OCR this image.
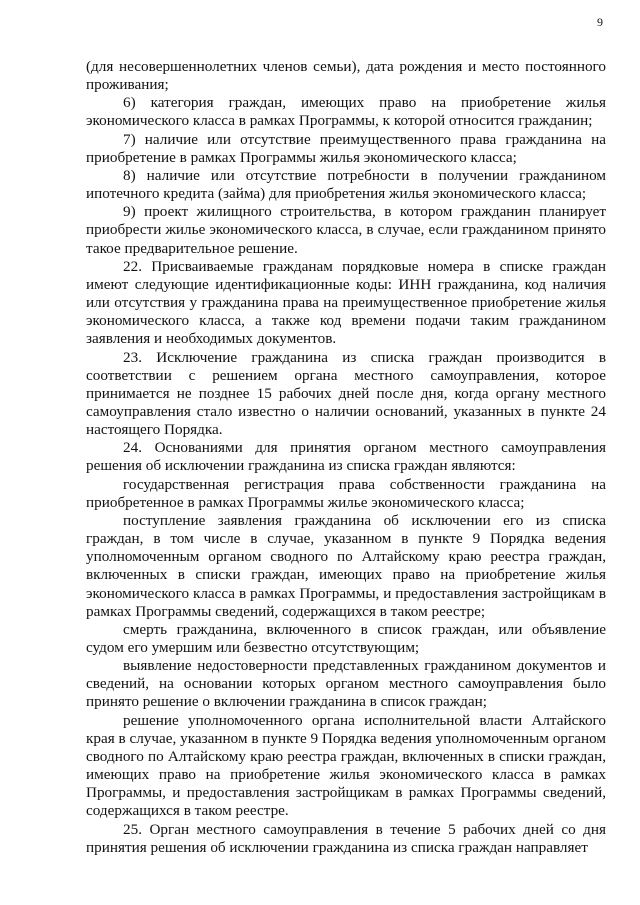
9

(для несовершеннолетних членов семьи), дата рождения и место постоянного проживания;

6) категория граждан, имеющих право на приобретение жилья экономического класса в рамках Программы, к которой относится гражданин;

7) наличие или отсутствие преимущественного права гражданина на приобретение в рамках Программы жилья экономического класса;

8) наличие или отсутствие потребности в получении гражданином ипотечного кредита (займа) для приобретения жилья экономического класса;

9) проект жилищного строительства, в котором гражданин планирует приобрести жилье экономического класса, в случае, если гражданином принято такое предварительное решение.

22. Присваиваемые гражданам порядковые номера в списке граждан имеют следующие идентификационные коды: ИНН гражданина, код наличия или отсутствия у гражданина права на преимущественное приобретение жилья экономического класса, а также код времени подачи таким гражданином заявления и необходимых документов.

23. Исключение гражданина из списка граждан производится в соответствии с решением органа местного самоуправления, которое принимается не позднее 15 рабочих дней после дня, когда органу местного самоуправления стало известно о наличии оснований, указанных в пункте 24 настоящего Порядка.

24. Основаниями для принятия органом местного самоуправления решения об исключении гражданина из списка граждан являются:

государственная регистрация права собственности гражданина на приобретенное в рамках Программы жилье экономического класса;

поступление заявления гражданина об исключении его из списка граждан, в том числе в случае, указанном в пункте 9 Порядка ведения уполномоченным органом сводного по Алтайскому краю реестра граждан, включенных в списки граждан, имеющих право на приобретение жилья экономического класса в рамках Программы, и предоставления застройщикам в рамках Программы сведений, содержащихся в таком реестре;

смерть гражданина, включенного в список граждан, или объявление судом его умершим или безвестно отсутствующим;

выявление недостоверности представленных гражданином документов и сведений, на основании которых органом местного самоуправления было принято решение о включении гражданина в список граждан;

решение уполномоченного органа исполнительной власти Алтайского края в случае, указанном в пункте 9 Порядка ведения уполномоченным органом сводного по Алтайскому краю реестра граждан, включенных в списки граждан, имеющих право на приобретение жилья экономического класса в рамках Программы, и предоставления застройщикам в рамках Программы сведений, содержащихся в таком реестре.

25. Орган местного самоуправления в течение 5 рабочих дней со дня принятия решения об исключении гражданина из списка граждан направляет
